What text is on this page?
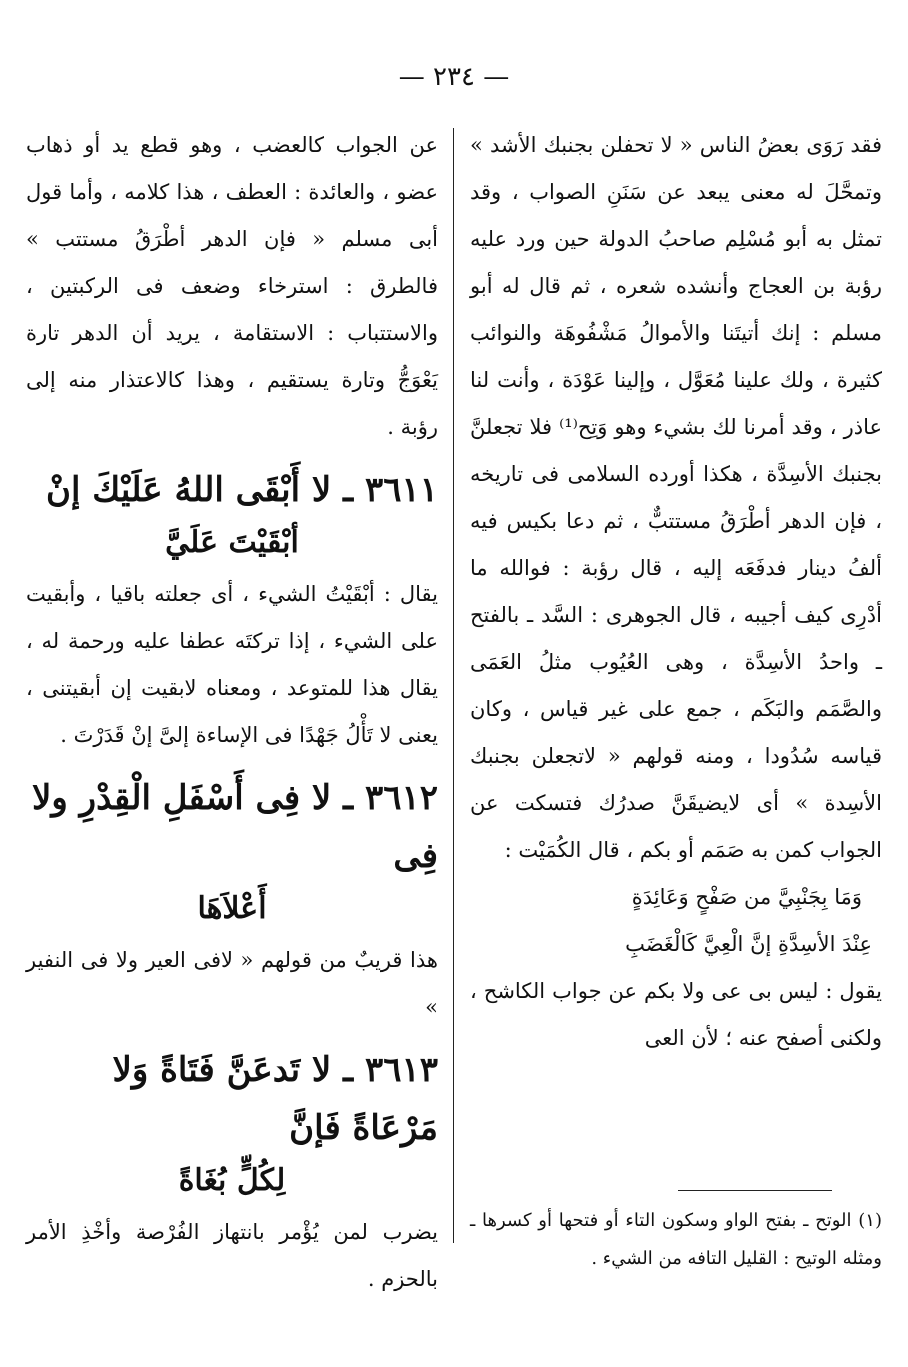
— ٢٣٤ —

فقد رَوَى بعضُ الناس « لا تحفلن بجنبك الأشد » وتمحَّلَ له معنى يبعد عن سَنَنِ الصواب ، وقد تمثل به أبو مُسْلِم صاحبُ الدولة حين ورد عليه رؤبة بن العجاج وأنشده شعره ، ثم قال له أبو مسلم : إنك أتيتَنا والأموالُ مَشْفُوهَة والنوائب كثيرة ، ولك علينا مُعَوَّل ، وإلينا عَوْدَة ، وأنت لنا عاذر ، وقد أمرنا لك بشيء وهو وَتِح⁽¹⁾ فلا تجعلنَّ بجنبك الأسِدَّة ، هكذا أورده السلامى فى تاريخه ، فإن الدهر أطْرَقُ مستتبٌّ ، ثم دعا بكيس فيه ألفُ دينار فدفَعَه إليه ، قال رؤبة : فوالله ما أدْرِى كيف أجيبه ، قال الجوهرى : السَّد ـ بالفتح ـ واحدُ الأسِدَّة ، وهى العُيُوب مثلُ العَمَى والصَّمَم والبَكَم ، جمع على غير قياس ، وكان قياسه سُدُودا ، ومنه قولهم « لاتجعلن بجنبك الأسِدة » أى لايضيقَنَّ صدرُك فتسكت عن الجواب كمن به صَمَم أو بكم ، قال الكُمَيْت :

وَمَا بِجَنْبِيَّ من صَفْحٍ وَعَائِدَةٍ

عِنْدَ الأسِدَّةِ إنَّ الْعِيَّ كَالْغَضَبِ

يقول : ليس بى عى ولا بكم عن جواب الكاشح ، ولكنى أصفح عنه ؛ لأن العى

عن الجواب كالعضب ، وهو قطع يد أو ذهاب عضو ، والعائدة : العطف ، هذا كلامه ، وأما قول أبى مسلم « فإن الدهر أطْرَقُ مستتب » فالطرق : استرخاء وضعف فى الركبتين ، والاستتباب : الاستقامة ، يريد أن الدهر تارة يَعْوَجُّ وتارة يستقيم ، وهذا كالاعتذار منه إلى رؤبة .

٣٦١١ ـ لا أَبْقَى اللهُ عَلَيْكَ إنْ
أبْقَيْتَ عَلَيَّ

يقال : أبْقَيْتُ الشيء ، أى جعلته باقيا ، وأبقيت على الشيء ، إذا تركتَه عطفا عليه ورحمة له ، يقال هذا للمتوعد ، ومعناه لابقيت إن أبقيتنى ، يعنى لا تَأْلُ جَهْدًا فى الإساءة إلىَّ إنْ قَدَرْتَ .

٣٦١٢ ـ لا فِى أَسْفَلِ الْقِدْرِ ولا فِى
أَعْلاَهَا

هذا قريبٌ من قولهم « لافى العير ولا فى النفير »

٣٦١٣ ـ لا تَدعَنَّ فَتَاةً وَلا مَرْعَاةً فَإنَّ
لِكُلٍّ بُغَاةً

يضرب لمن يُؤْمر بانتهاز الفُرْصة وأخْذِ الأمر بالحزم .

(١) الوتح ـ بفتح الواو وسكون التاء أو فتحها أو كسرها ـ ومثله الوتيح : القليل التافه من الشيء .
